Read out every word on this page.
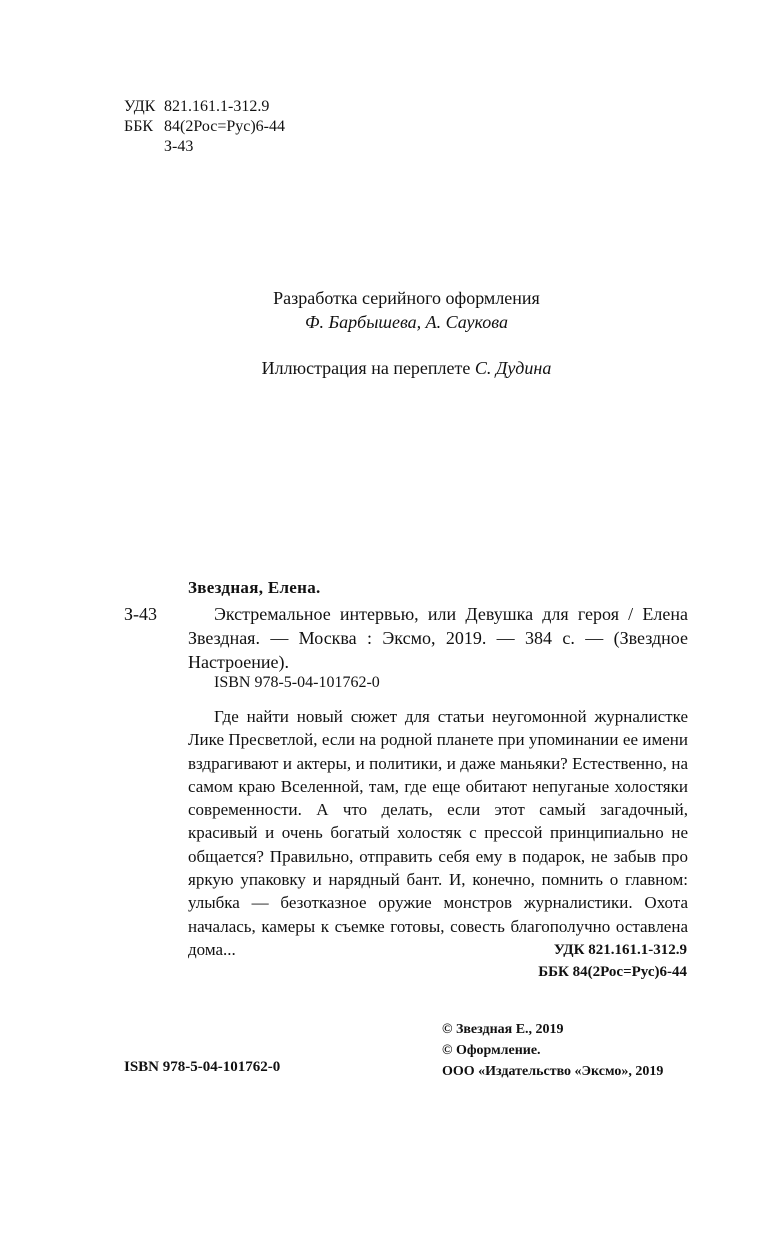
УДК 821.161.1-312.9
ББК 84(2Рос=Рус)6-44
З-43
Разработка серийного оформления
Ф. Барбышева, А. Саукова
Иллюстрация на переплете С. Дудина
Звездная, Елена.
З-43	Экстремальное интервью, или Девушка для героя / Елена Звездная. — Москва : Эксмо, 2019. — 384 с. — (Звездное Настроение).
ISBN 978-5-04-101762-0
Где найти новый сюжет для статьи неугомонной журналистке Лике Пресветлой, если на родной планете при упоминании ее имени вздрагивают и актеры, и политики, и даже маньяки? Естественно, на самом краю Вселенной, там, где еще обитают непуганые холостяки современности. А что делать, если этот самый загадочный, красивый и очень богатый холостяк с прессой принципиально не общается? Правильно, отправить себя ему в подарок, не забыв про яркую упаковку и нарядный бант. И, конечно, помнить о главном: улыбка — безотказное оружие монстров журналистики. Охота началась, камеры к съемке готовы, совесть благополучно оставлена дома...	УДК 821.161.1-312.9
ББК 84(2Рос=Рус)6-44
© Звездная Е., 2019
© Оформление.
ООО «Издательство «Эксмо», 2019
ISBN 978-5-04-101762-0
